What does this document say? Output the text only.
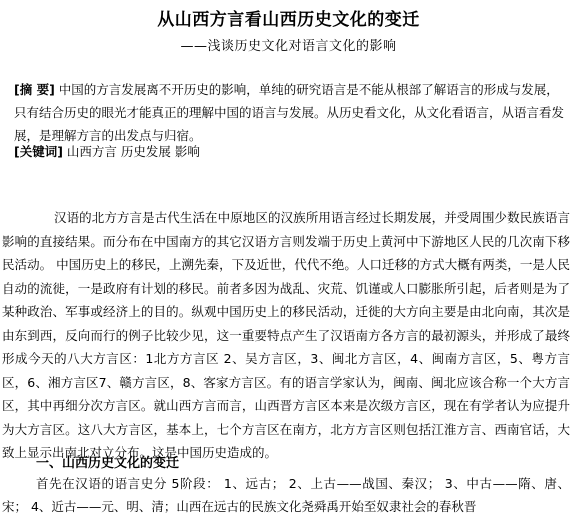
从山西方言看山西历史文化的变迁
——浅谈历史文化对语言文化的影响
[摘 要] 中国的方言发展离不开历史的影响，单纯的研究语言是不能从根部了解语言的形成与发展，只有结合历史的眼光才能真正的理解中国的语言与发展。从历史看文化，从文化看语言，从语言看发展，是理解方言的出发点与归宿。
[关键词] 山西方言 历史发展 影响

汉语的北方方言是古代生活在中原地区的汉族所用语言经过长期发展，并受周围少数民族语言影响的直接结果。而分布在中国南方的其它汉语方言则发端于历史上黄河中下游地区人民的几次南下移民活动。 中国历史上的移民，上溯先秦，下及近世，代代不绝。人口迁移的方式大概有两类，一是人民自动的流徙，一是政府有计划的移民。前者多因为战乱、灾荒、饥谨或人口膨胀所引起，后者则是为了某种政治、军事或经济上的目的。纵观中国历史上的移民活动，迁徙的大方向主要是由北向南，其次是由东到西，反向而行的例子比较少见，这一重要特点产生了汉语南方各方言的最初源头，并形成了最终形成今天的八大方言区：1北方方言区 2、吴方言区，3、闽北方言区，4、闽南方言区，5、粤方言区，6、湘方言区7、赣方言区，8、客家方言区。有的语言学家认为，闽南、闽北应该合称一个大方言区，其中再细分次方言区。就山西方言而言，山西晋方言区本来是次级方言区，现在有学者认为应提升为大方言区。这八大方言区，基本上，七个方言区在南方，北方方言区则包括江淮方言、西南官话，大致上显示出南北对立分布。这是中国历史造成的。

一、山西历史文化的变迁

首先在汉语的语言史分 5阶段： 1、远古； 2、上古——战国、秦汉； 3、中古——隋、唐、宋； 4、近古——元、明、清；山西在远古的民族文化尧舜禹开始至奴隶社会的春秋晋
